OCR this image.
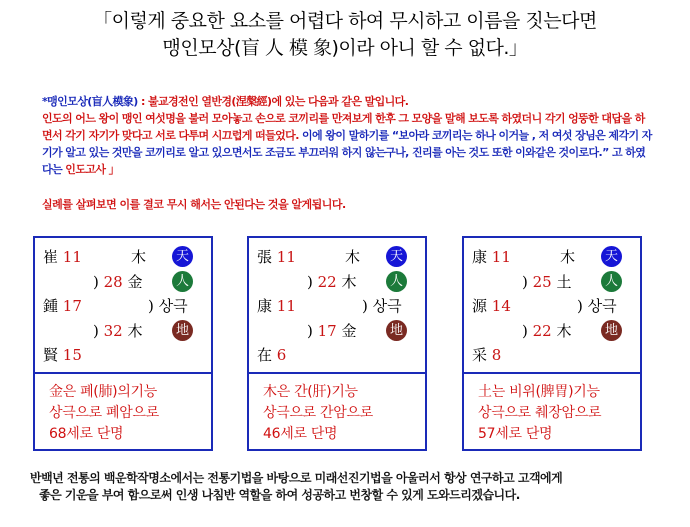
「이렇게 중요한 요소를 어렵다 하여 무시하고 이름을 짓는다면
맹인모상(盲 人 模 象)이라 아니 할 수 없다.」
*맹인모상(盲人模象) : 불교경전인 열반경(涅槃經)에 있는 다음과 같은 말입니다.
인도의 어느 왕이 맹인 여섯명을 불러 모아놓고 손으로 코끼리를 만져보게 한후 그 모양을 말해 보도록 하였더니 각기 엉뚱한 대답을 하면서 각기 자기가 맞다고 서로 다투며 시끄럽게 떠들었다. 이에 왕이 말하기를 “보아라 코끼리는 하나 이거늘 , 저 여섯 장님은 제각기 자기가 알고 있는 것만을 코끼리로 알고 있으면서도 조금도 부끄러워 하지 않는구나, 진리를 아는 것도 또한 이와같은 것이로다.” 고 하였다는 인도고사 」
실례를 살펴보면 이를 결코 무시 해서는 안된다는 것을 알게됩니다.
崔 11	木	天
) 28 金	人
鍾 17	) 상극
) 32 木	地
賢 15
金은 폐(肺)의기능
상극으로 폐암으로
68세로 단명
張 11	木	天
) 22 木	人
康 11	) 상극
) 17 金	地
在 6
木은 간(肝)기능
상극으로 간암으로
46세로 단명
康 11	木	天
) 25 土	人
源 14	) 상극
) 22 木	地
采 8
土는 비위(脾胃)기능
상극으로 췌장암으로
57세로 단명
반백년 전통의 백운학작명소에서는 전통기법을 바탕으로 미래선진기법을 아울러서 항상 연구하고 고객에게
좋은 기운을 부여 함으로써 인생 나침반 역할을 하여 성공하고 번창할 수 있게 도와드리겠습니다.
